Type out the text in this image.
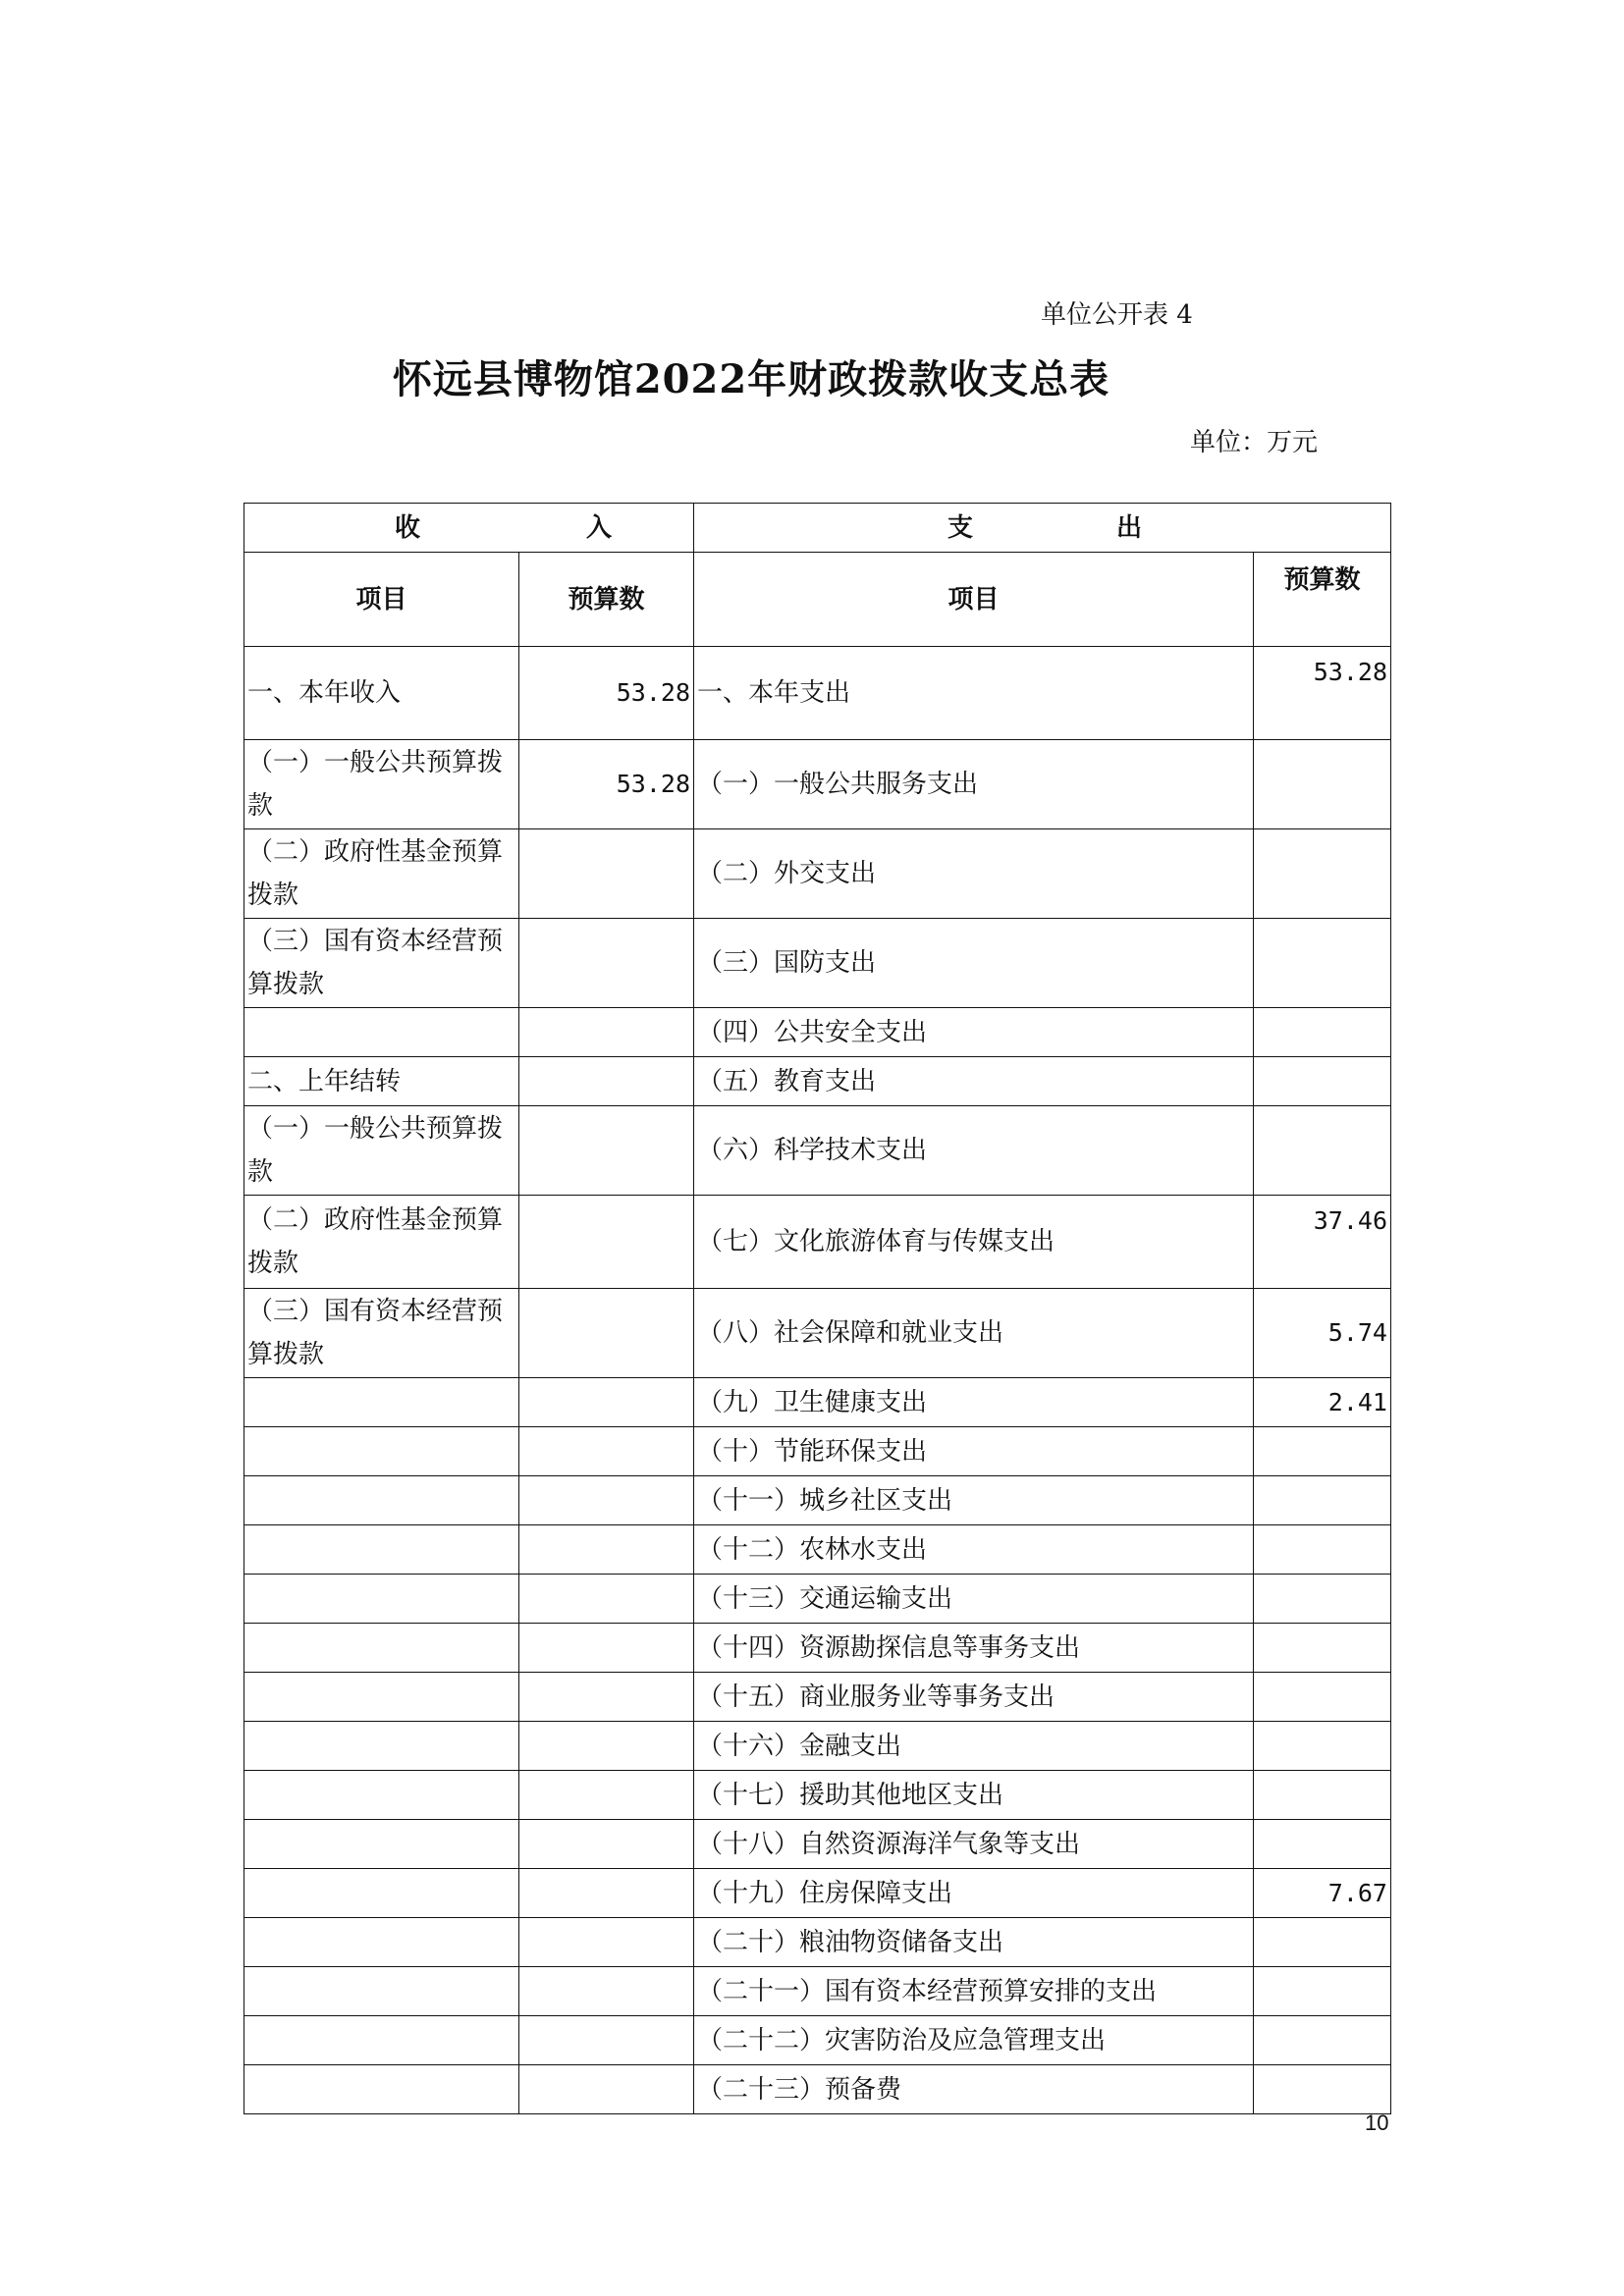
单位公开表 4
怀远县博物馆2022年财政拨款收支总表
单位：万元
收 入		支 出	

项目	预算数	项目	预算数
一、本年收入	53.28	一、本年支出	53.28
（一）一般公共预算拨款	53.28	（一）一般公共服务支出	
（二）政府性基金预算拨款		（二）外交支出	
（三）国有资本经营预算拨款		（三）国防支出	
		（四）公共安全支出	
二、上年结转		（五）教育支出	
（一）一般公共预算拨款		（六）科学技术支出	
（二）政府性基金预算拨款		（七）文化旅游体育与传媒支出	37.46
（三）国有资本经营预算拨款		（八）社会保障和就业支出	5.74
		（九）卫生健康支出	2.41
		（十）节能环保支出	
		（十一）城乡社区支出	
		（十二）农林水支出	
		（十三）交通运输支出	
		（十四）资源勘探信息等事务支出	
		（十五）商业服务业等事务支出	
		（十六）金融支出	
		（十七）援助其他地区支出	
		（十八）自然资源海洋气象等支出	
		（十九）住房保障支出	7.67
		（二十）粮油物资储备支出	
		（二十一）国有资本经营预算安排的支出	
		（二十二）灾害防治及应急管理支出	
		（二十三）预备费	
10
